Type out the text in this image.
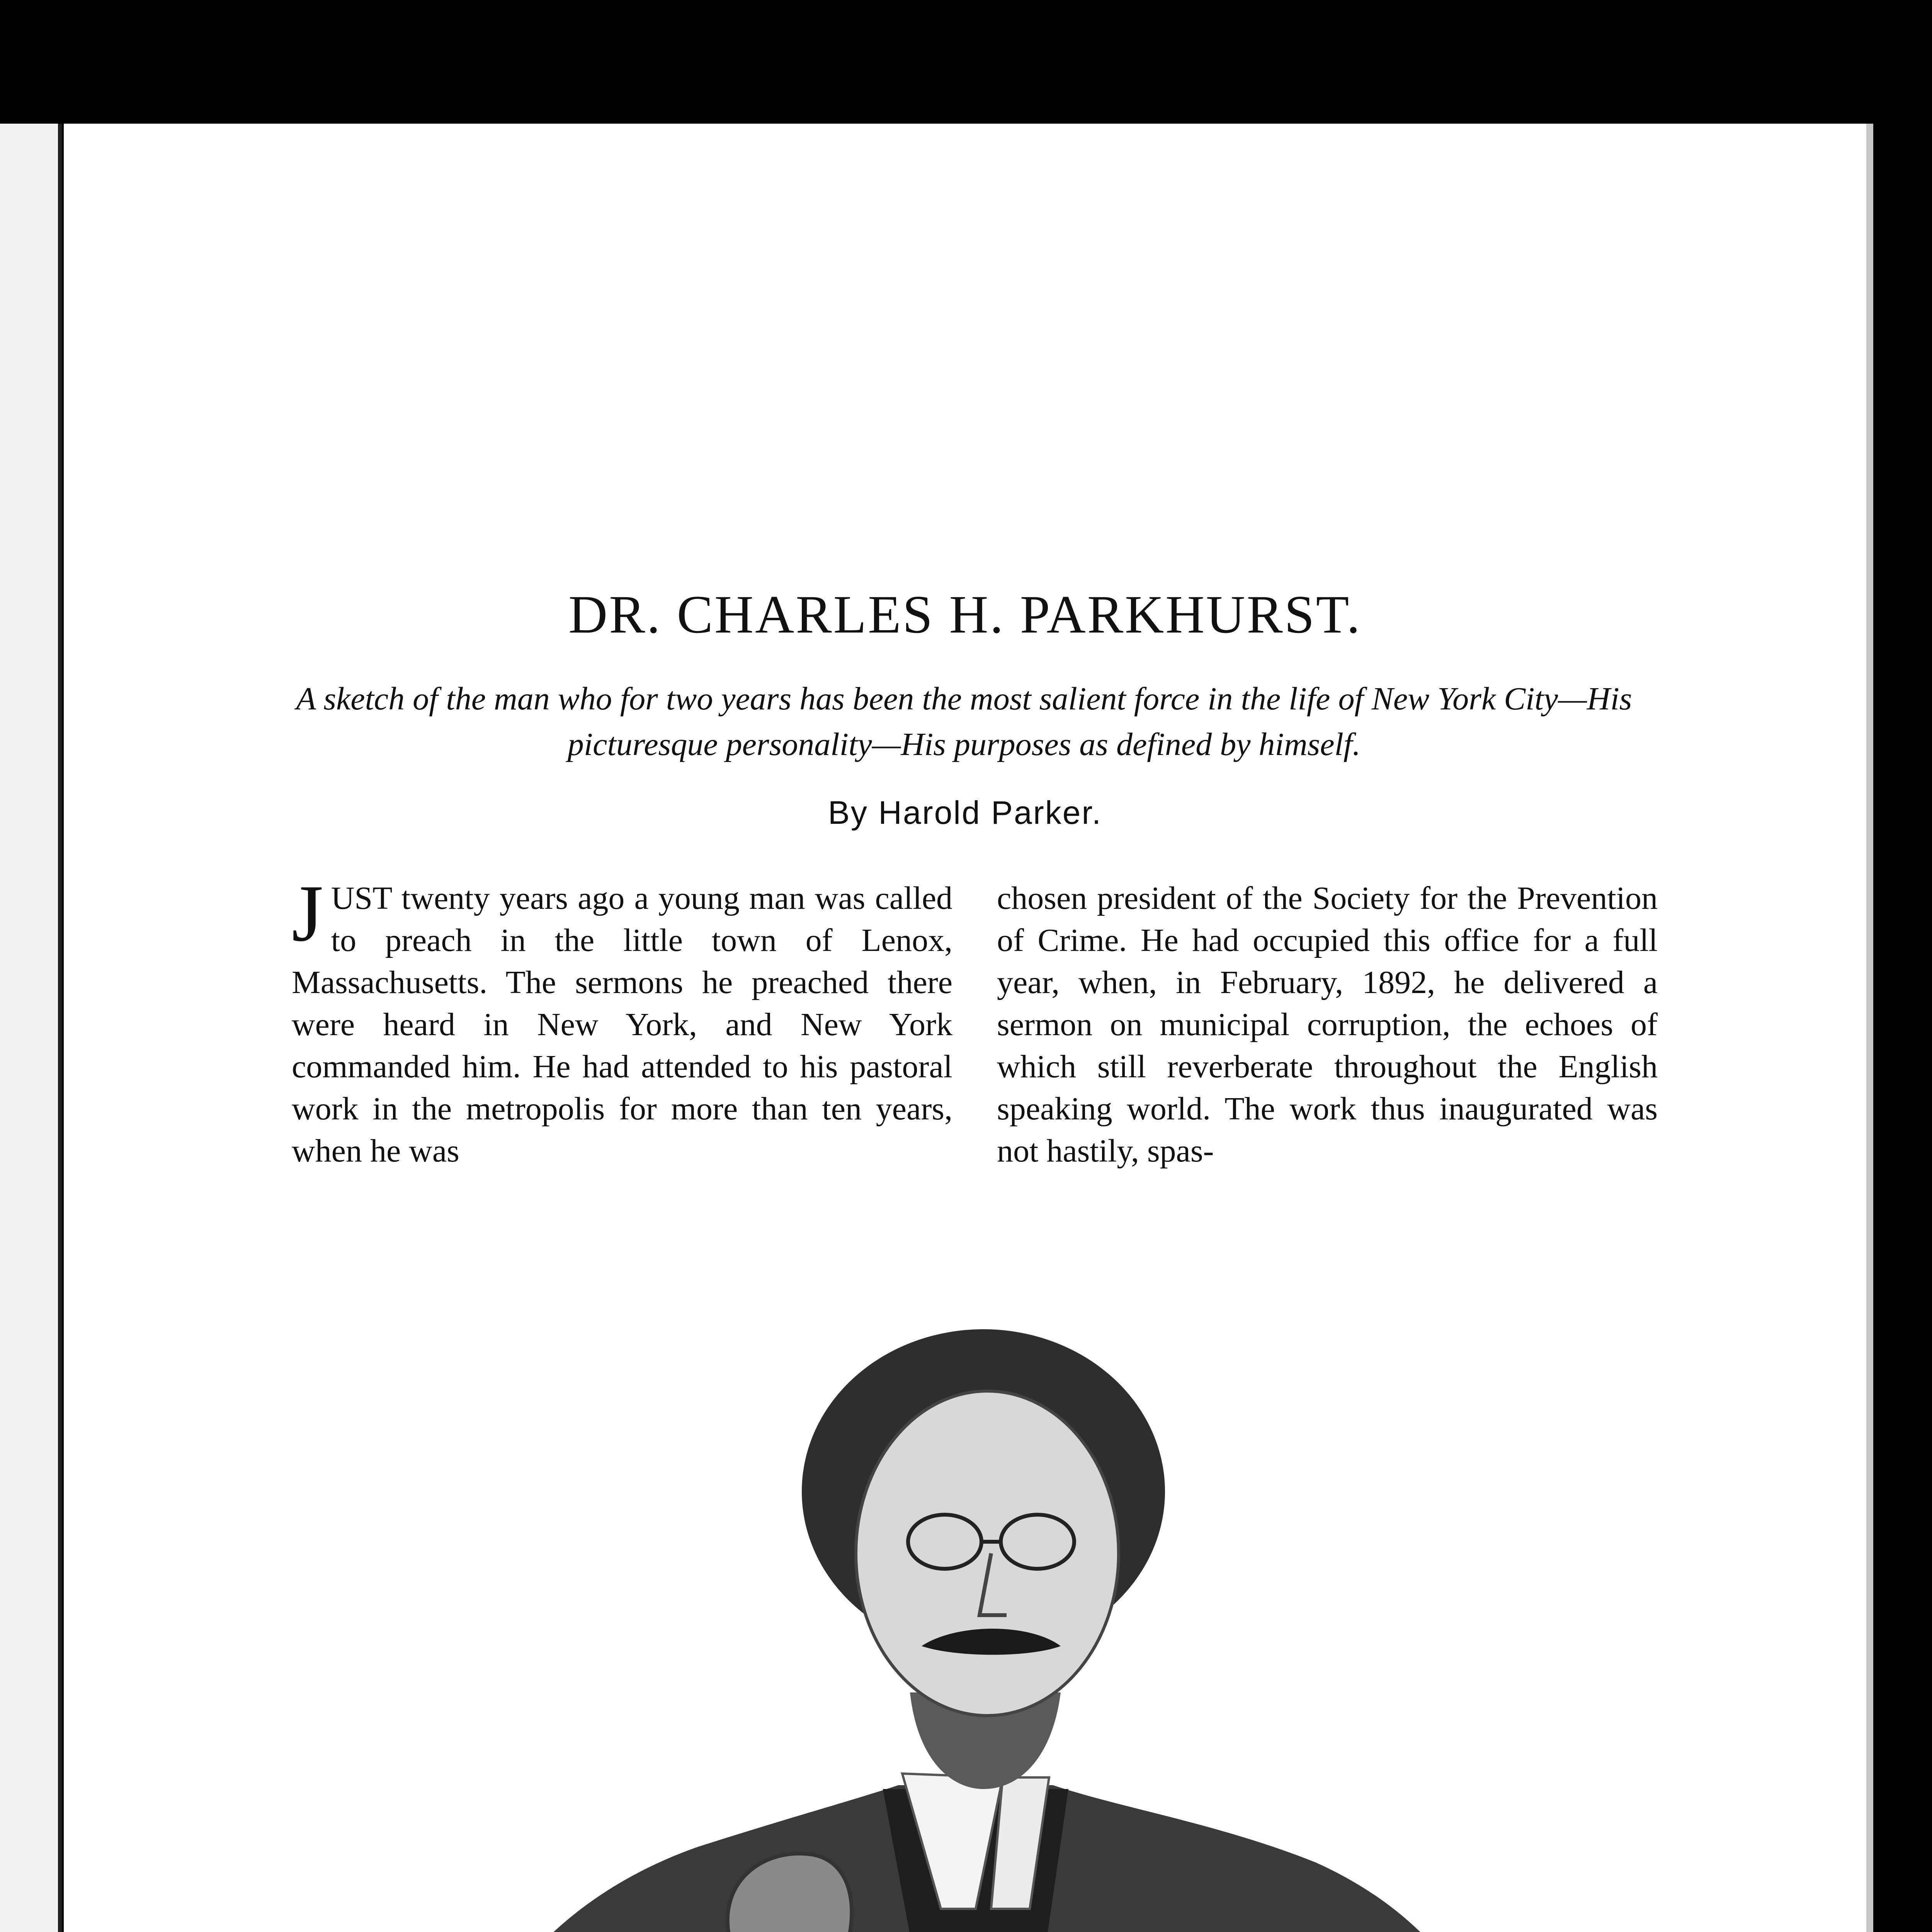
DR. CHARLES H. PARKHURST.

A sketch of the man who for two years has been the most salient force in the life of New York City—His picturesque personality—His purposes as defined by himself.

By Harold Parker.

JUST twenty years ago a young man was called to preach in the little town of Lenox, Massachusetts. The sermons he preached there were heard in New York, and New York commanded him. He had attended to his pastoral work in the metropolis for more than ten years, when he was

chosen president of the Society for the Prevention of Crime. He had occupied this office for a full year, when, in February, 1892, he delivered a sermon on municipal corruption, the echoes of which still reverberate throughout the English speaking world. The work thus inaugurated was not hastily, spas-
